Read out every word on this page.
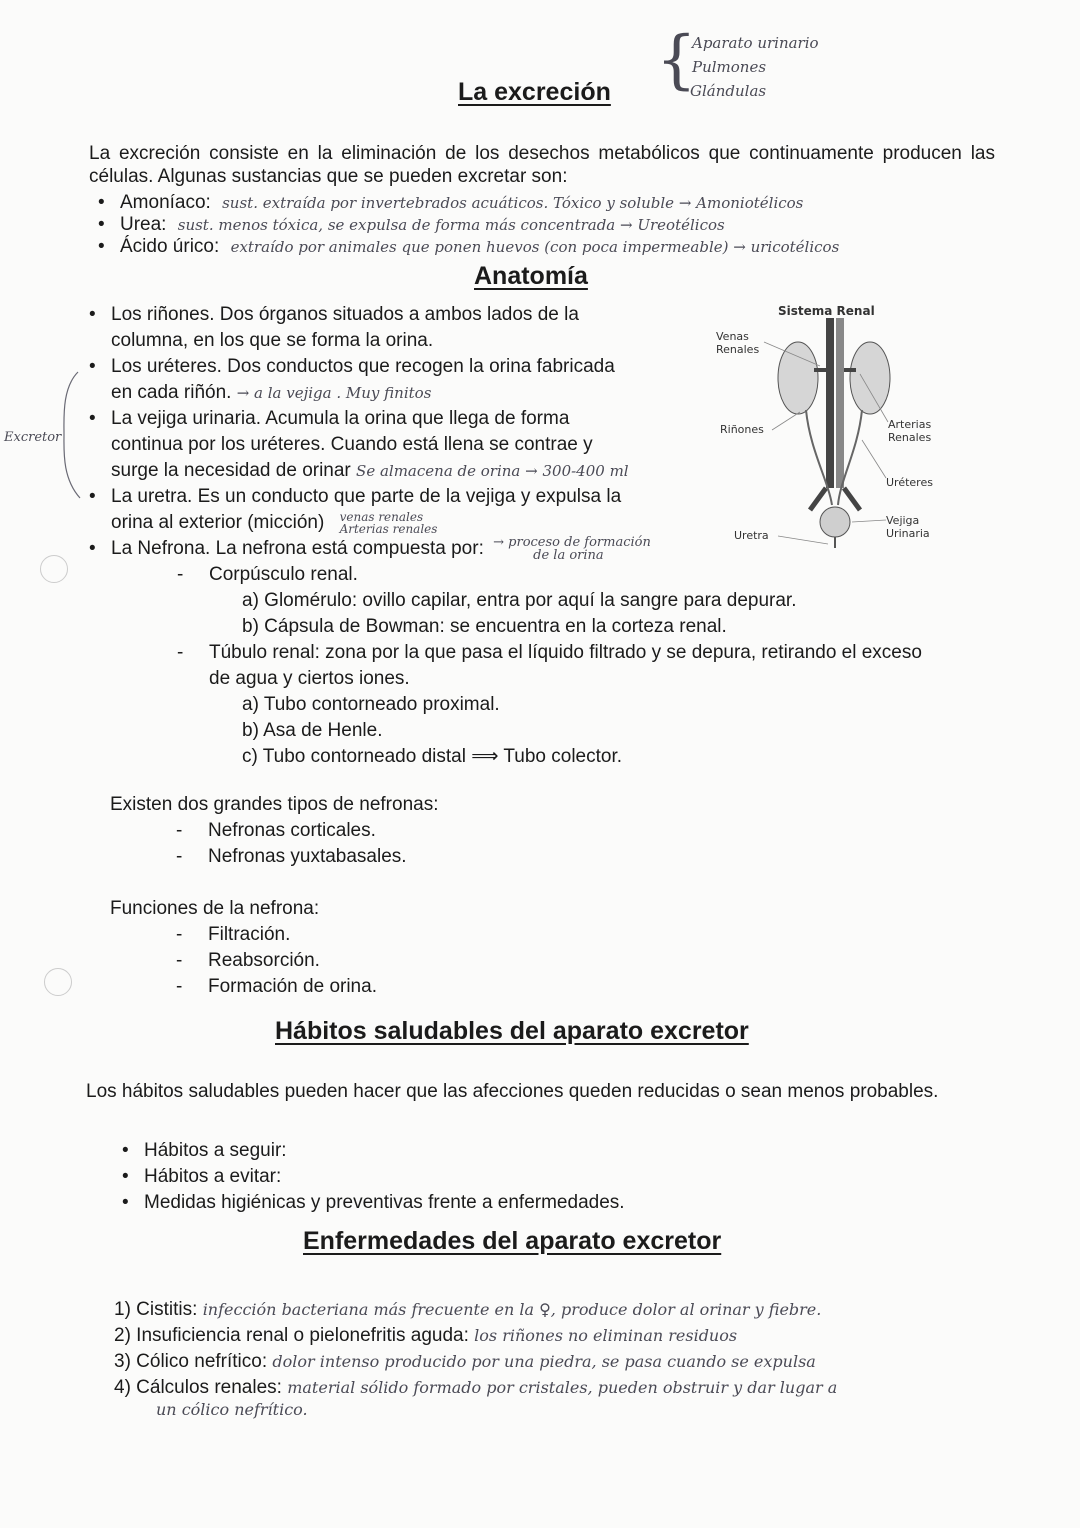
La excreción {
Aparato urinario
Pulmones
Glándulas
La excreción consiste en la eliminación de los desechos metabólicos que continuamente producen las células. Algunas sustancias que se pueden excretar son:
• Amoníaco: sust. extraída por invertebrados acuáticos. Tóxico y soluble → Amoniotélicos
• Urea: sust. menos tóxica, se expulsa de forma más concentrada → Ureotélicos
• Ácido úrico: extraído por animales que ponen huevos (con poca impermeable) → uricotélicos
Anatomía
• Los riñones. Dos órganos situados a ambos lados de la
columna, en los que se forma la orina.
• Los uréteres. Dos conductos que recogen la orina fabricada
en cada riñón. → a la vejiga . Muy finitos
• La vejiga urinaria. Acumula la orina que llega de forma
continua por los uréteres. Cuando está llena se contrae y
surge la necesidad de orinar Se almacena de orina → 300-400 ml
• La uretra. Es un conducto que parte de la vejiga y expulsa la
orina al exterior (micción) venas renales
Arterias renales
• La Nefrona. La nefrona está compuesta por: → proceso de formación
de la orina
Excretor
Sistema Renal
Venas
Renales
Riñones	Arterias
Renales
Uréteres
Vejiga
Urinaria
Uretra
- Corpúsculo renal.
a) Glomérulo: ovillo capilar, entra por aquí la sangre para depurar.
b) Cápsula de Bowman: se encuentra en la corteza renal.
- Túbulo renal: zona por la que pasa el líquido filtrado y se depura, retirando el exceso
de agua y ciertos iones.
a) Tubo contorneado proximal.
b) Asa de Henle.
c) Tubo contorneado distal ⟹ Tubo colector.
Existen dos grandes tipos de nefronas:
- Nefronas corticales.
- Nefronas yuxtabasales.
Funciones de la nefrona:
- Filtración.
- Reabsorción.
- Formación de orina.
Hábitos saludables del aparato excretor
Los hábitos saludables pueden hacer que las afecciones queden reducidas o sean menos probables.
• Hábitos a seguir:
• Hábitos a evitar:
• Medidas higiénicas y preventivas frente a enfermedades.
Enfermedades del aparato excretor
1) Cistitis: infección bacteriana más frecuente en la ♀, produce dolor al orinar y fiebre.
2) Insuficiencia renal o pielonefritis aguda: los riñones no eliminan residuos
3) Cólico nefrítico: dolor intenso producido por una piedra, se pasa cuando se expulsa
4) Cálculos renales: material sólido formado por cristales, pueden obstruir y dar lugar a
un cólico nefrítico.
